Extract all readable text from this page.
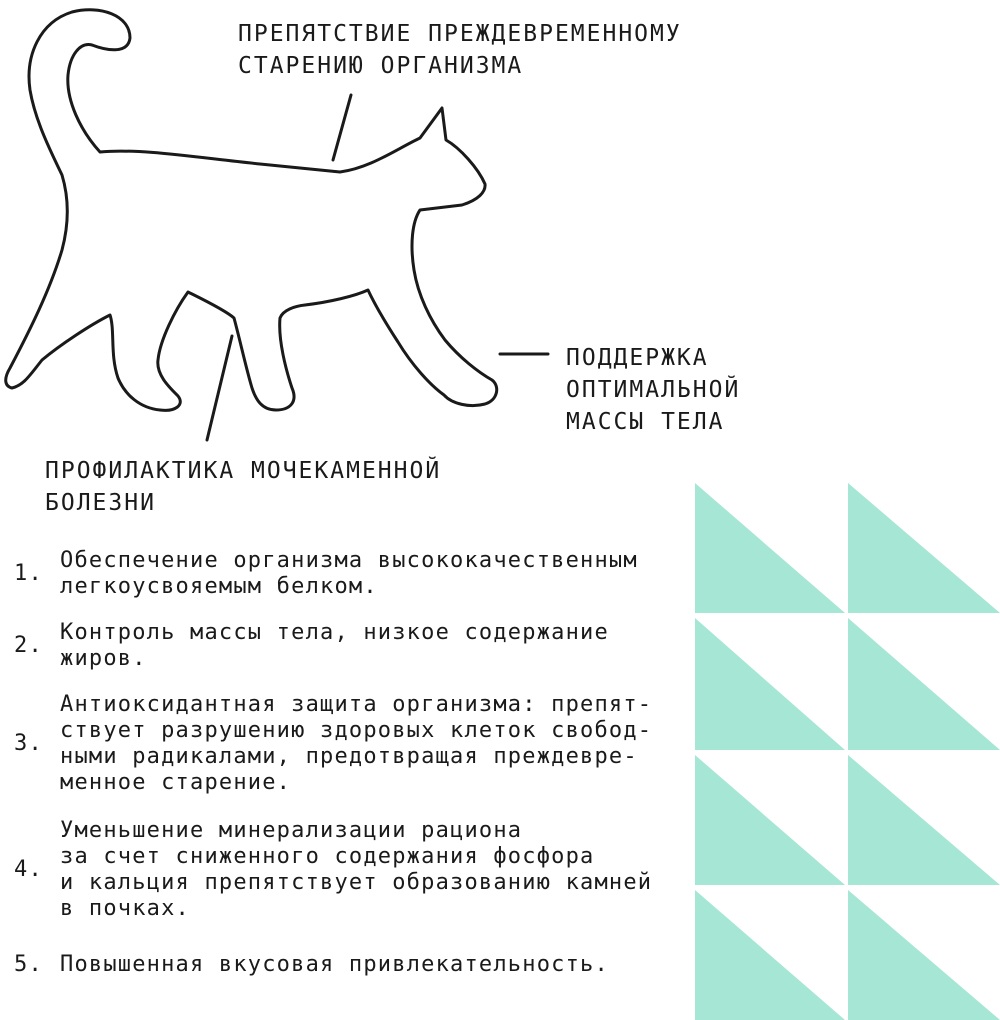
ПРЕПЯТСТВИЕ ПРЕЖДЕВРЕМЕННОМУ
СТАРЕНИЮ ОРГАНИЗМА
ПОДДЕРЖКА
ОПТИМАЛЬНОЙ
МАССЫ ТЕЛА
ПРОФИЛАКТИКА МОЧЕКАМЕННОЙ
БОЛЕЗНИ
1.
Обеспечение организма высококачественным
легкоусвояемым белком.
2.
Контроль массы тела, низкое содержание
жиров.
3.
Антиоксидантная защита организма: препят-
ствует разрушению здоровых клеток свобод-
ными радикалами, предотвращая преждевре-
менное старение.
4.
Уменьшение минерализации рациона
за счет сниженного содержания фосфора
и кальция препятствует образованию камней
в почках.
5. Повышенная вкусовая привлекательность.
